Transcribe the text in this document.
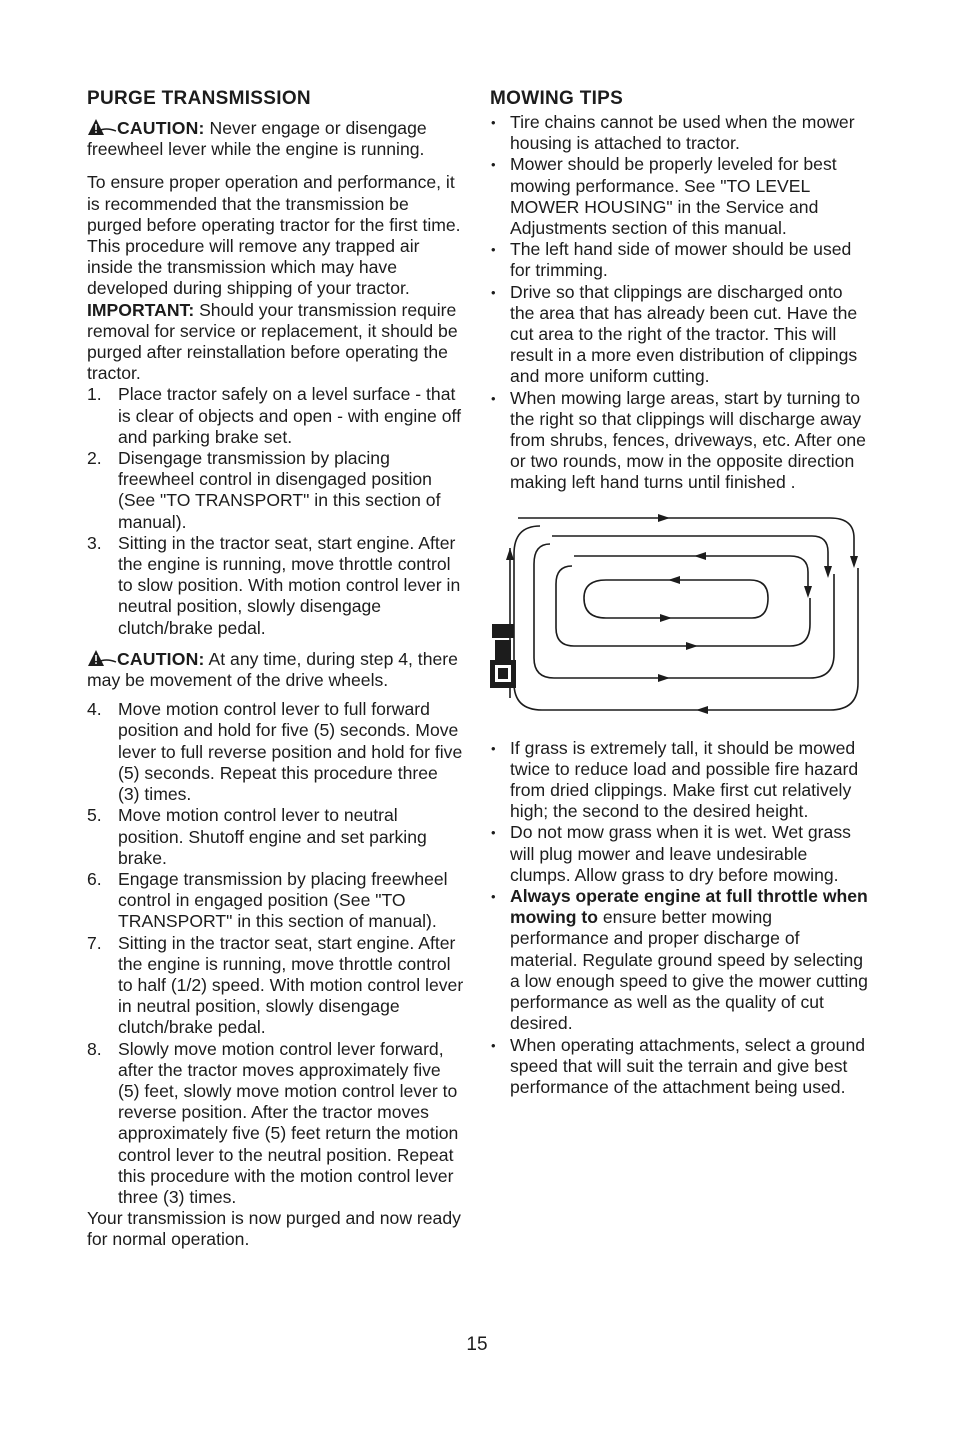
PURGE TRANSMISSION

CAUTION: Never engage or disengage freewheel lever while the engine is running.

To ensure proper operation and performance, it is recommended that the transmission be purged before operating tractor for the first time. This procedure will remove any trapped air inside the transmission which may have developed during shipping of your tractor.

IMPORTANT: Should your transmission require removal for service or replacement, it should be purged after reinstallation before operating the tractor.

1. Place tractor safely on a level surface - that is clear of objects and open - with engine off and parking brake set.
2. Disengage transmission by placing freewheel control in disengaged position (See "TO TRANSPORT" in this section of manual).
3. Sitting in the tractor seat, start engine. After the engine is running, move throttle control to slow position. With motion control lever in neutral position, slowly disengage clutch/brake pedal.

CAUTION: At any time, during step 4, there may be movement of the drive wheels.

4. Move motion control lever to full forward position and hold for five (5) seconds. Move lever to full reverse position and hold for five (5) seconds. Repeat this procedure three (3) times.
5. Move motion control lever to neutral position. Shutoff engine and set parking brake.
6. Engage transmission by placing freewheel control in engaged position (See "TO TRANSPORT" in this section of manual).
7. Sitting in the tractor seat, start engine. After the engine is running, move throttle control to half (1/2) speed. With motion control lever in neutral position, slowly disengage clutch/brake pedal.
8. Slowly move motion control lever forward, after the tractor moves approximately five (5) feet, slowly move motion control lever to reverse position. After the tractor moves approximately five (5) feet return the motion control lever to the neutral position. Repeat this procedure with the motion control lever three (3) times.

Your transmission is now purged and now ready for normal operation.

MOWING TIPS
• Tire chains cannot be used when the mower housing is attached to tractor.
• Mower should be properly leveled for best mowing performance. See "TO LEVEL MOWER HOUSING" in the Service and Adjustments section of this manual.
• The left hand side of mower should be used for trimming.
• Drive so that clippings are discharged onto the area that has already been cut. Have the cut area to the right of the tractor. This will result in a more even distribution of clippings and more uniform cutting.
• When mowing large areas, start by turning to the right so that clippings will discharge away from shrubs, fences, driveways, etc. After one or two rounds, mow in the opposite direction making left hand turns until finished .
• If grass is extremely tall, it should be mowed twice to reduce load and possible fire hazard from dried clippings. Make first cut relatively high; the second to the desired height.
• Do not mow grass when it is wet. Wet grass will plug mower and leave undesirable clumps. Allow grass to dry before mowing.
• Always operate engine at full throttle when mowing to ensure better mowing performance and proper discharge of material. Regulate ground speed by selecting a low enough speed to give the mower cutting performance as well as the quality of cut desired.
• When operating attachments, select a ground speed that will suit the terrain and give best performance of the attachment being used.
15
